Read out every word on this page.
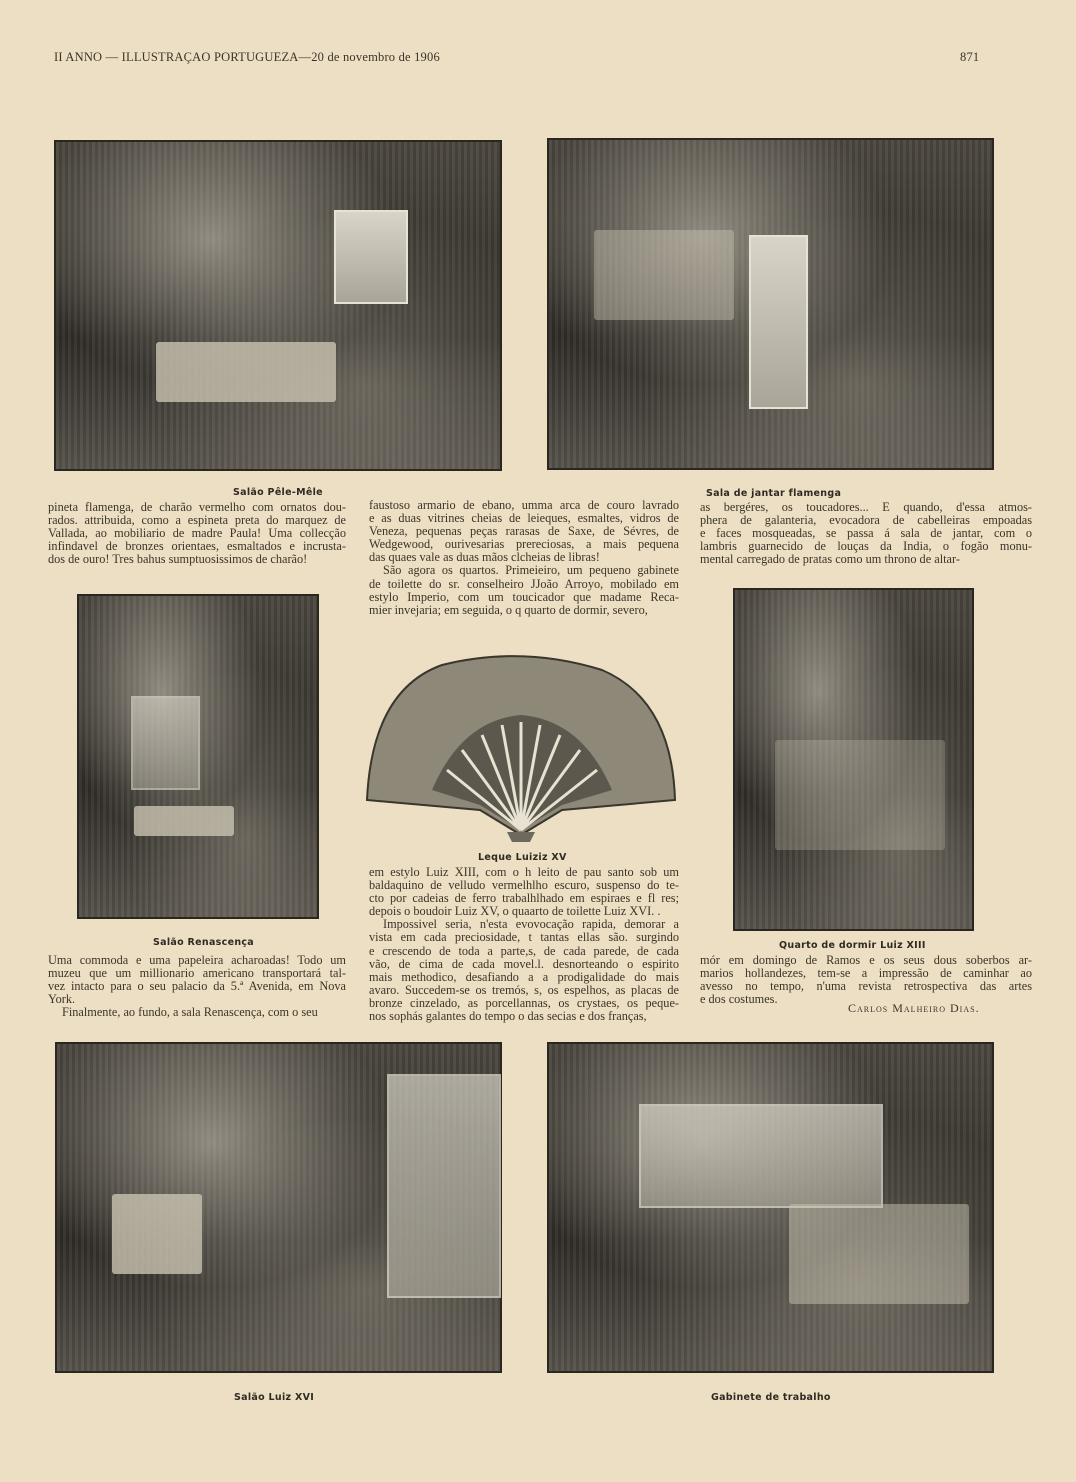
II ANNO — ILLUSTRAÇAO PORTUGUEZA—20 de novembro de 1906	871
Salão Pêle-Mêle	Sala de jantar flamenga
Salão Renascença
Leque Luiziz XV
Quarto de dormir Luiz XIII
Salão Luiz XVI	Gabinete de trabalho
pineta flamenga, de charão vermelho com ornatos dou-
rados. attribuida, como a espineta preta do marquez de
Vallada, ao mobiliario de madre Paula! Uma collecção
infindavel de bronzes orientaes, esmaltados e incrusta-
dos de ouro! Tres bahus sumptuosissimos de charão!
faustoso armario de ebano, umma arca de couro lavrado
e as duas vitrines cheias de leieques, esmaltes, vidros de
Veneza, pequenas peças rarasas de Saxe, de Sévres, de
Wedgewood, ourivesarias prereciosas, a mais pequena
das quaes vale as duas mãos clcheias de libras!
São agora os quartos. Primeieiro, um pequeno gabinete
de toilette do sr. conselheiro JJoão Arroyo, mobilado em
estylo Imperio, com um toucicador que madame Reca-
mier invejaria; em seguida, o q quarto de dormir, severo,
as bergéres, os toucadores... E quando, d'essa atmos-
phera de galanteria, evocadora de cabelleiras empoadas
e faces mosqueadas, se passa á sala de jantar, com o
lambris guarnecido de louças da India, o fogão monu-
mental carregado de pratas como um throno de altar-
Uma commoda e uma papeleira acharoadas! Todo um
muzeu que um millionario americano transportará tal-
vez intacto para o seu palacio da 5.ª Avenida, em Nova
York.
Finalmente, ao fundo, a sala Renascença, com o seu
em estylo Luiz XIII, com o h leito de pau santo sob um
baldaquino de velludo vermelhlho escuro, suspenso do te-
cto por cadeias de ferro trabalhlhado em espiraes e fl res;
depois o boudoir Luiz XV, o quaarto de toilette Luiz XVI. .
Impossivel seria, n'esta evovocação rapida, demorar a
vista em cada preciosidade, t tantas ellas são. surgindo
e crescendo de toda a parte,s, de cada parede, de cada
vão, de cima de cada movel.l. desnorteando o espirito
mais methodico, desafiando a a prodigalidade do mais
avaro. Succedem-se os tremós, s, os espelhos, as placas de
bronze cinzelado, as porcellannas, os crystaes, os peque-
nos sophás galantes do tempo o das secias e dos franças,
mór em domingo de Ramos e os seus dous soberbos ar-
marios hollandezes, tem-se a impressão de caminhar ao
avesso no tempo, n'uma revista retrospectiva das artes
e dos costumes.
Carlos Malheiro Dias.
